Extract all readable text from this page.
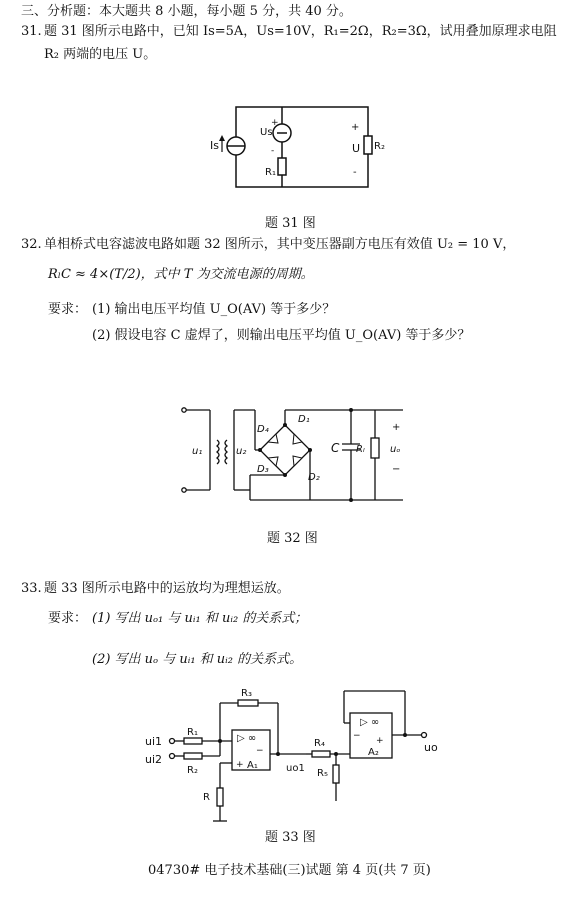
三、分析题：本大题共 8 小题，每小题 5 分，共 40 分。
31. 题 31 图所示电路中，已知 Is=5A，Us=10V，R₁=2Ω，R₂=3Ω，试用叠加原理求电阻
R₂ 两端的电压 U。
Is
Us
+
-
R₁
R₂
+
U
-
题 31 图
32. 单相桥式电容滤波电路如题 32 图所示，其中变压器副方电压有效值 U₂ = 10 V，
RₗC ≈ 4×(T/2)，式中 T 为交流电源的周期。
要求： (1) 输出电压平均值 U_O(AV) 等于多少？
(2) 假设电容 C 虚焊了，则输出电压平均值 U_O(AV) 等于多少？
u₁	u₂
D₄
D₁
D₃
D₂
C Rₗ
+
uₒ
−
题 32 图
33. 题 33 图所示电路中的运放均为理想运放。
要求： (1) 写出 uₒ₁ 与 uᵢ₁ 和 uᵢ₂ 的关系式；
(2) 写出 uₒ 与 uᵢ₁ 和 uᵢ₂ 的关系式。
ui1
ui2
R₁
R₂
R₃
▷ ∞
−
+ A₁	uo1
R
R₄
R₅
▷ ∞
− +
A₂	uo
题 33 图
04730# 电子技术基础(三)试题 第 4 页(共 7 页)
